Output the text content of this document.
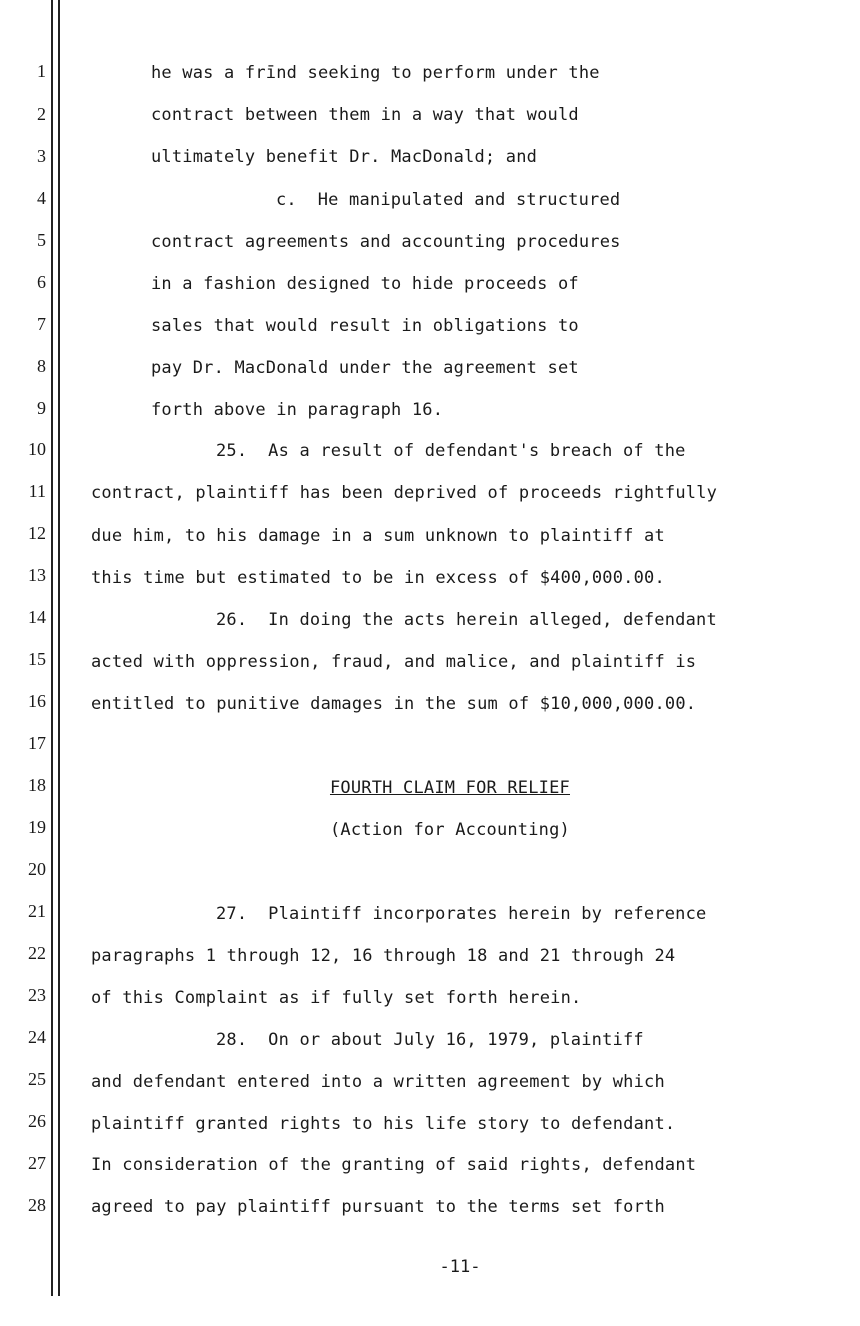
1
2
3
4
5
6
7
8
9
10
11
12
13
14
15
16
17
18
19
20
21
22
23
24
25
26
27
28
he was a frīnd seeking to perform under the
contract between them in a way that would
ultimately benefit Dr. MacDonald; and
c.  He manipulated and structured
contract agreements and accounting procedures
in a fashion designed to hide proceeds of
sales that would result in obligations to
pay Dr. MacDonald under the agreement set
forth above in paragraph 16.
25.  As a result of defendant's breach of the
contract, plaintiff has been deprived of proceeds rightfully
due him, to his damage in a sum unknown to plaintiff at
this time but estimated to be in excess of $400,000.00.
26.  In doing the acts herein alleged, defendant
acted with oppression, fraud, and malice, and plaintiff is
entitled to punitive damages in the sum of $10,000,000.00.
FOURTH CLAIM FOR RELIEF
(Action for Accounting)
27.  Plaintiff incorporates herein by reference
paragraphs 1 through 12, 16 through 18 and 21 through 24
of this Complaint as if fully set forth herein.
28.  On or about July 16, 1979, plaintiff
and defendant entered into a written agreement by which
plaintiff granted rights to his life story to defendant.
In consideration of the granting of said rights, defendant
agreed to pay plaintiff pursuant to the terms set forth
-11-
